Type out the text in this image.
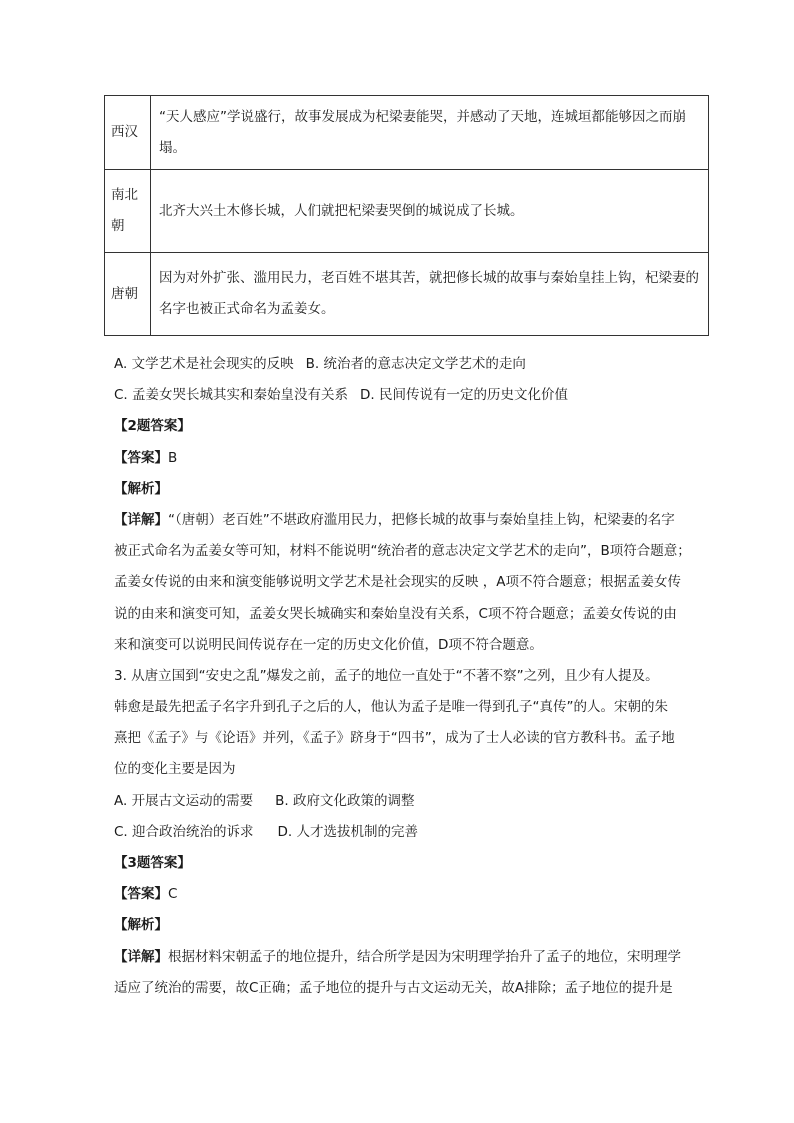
西汉	“天人感应”学说盛行，故事发展成为杞梁妻能哭，并感动了天地，连城垣都能够因之而崩塌。
南北朝	北齐大兴土木修长城，人们就把杞梁妻哭倒的城说成了长城。
唐朝	因为对外扩张、滥用民力，老百姓不堪其苦，就把修长城的故事与秦始皇挂上钩，杞梁妻的名字也被正式命名为孟姜女。
A. 文学艺术是社会现实的反映 B. 统治者的意志决定文学艺术的走向
C. 孟姜女哭长城其实和秦始皇没有关系 D. 民间传说有一定的历史文化价值
【2题答案】
【答案】B
【解析】
【详解】“（唐朝）老百姓”不堪政府滥用民力，把修长城的故事与秦始皇挂上钩，杞梁妻的名字
被正式命名为孟姜女等可知，材料不能说明“统治者的意志决定文学艺术的走向”，B项符合题意；
孟姜女传说的由来和演变能够说明文学艺术是社会现实的反映 ，A项不符合题意；根据孟姜女传
说的由来和演变可知，孟姜女哭长城确实和秦始皇没有关系，C项不符合题意；孟姜女传说的由
来和演变可以说明民间传说存在一定的历史文化价值，D项不符合题意。
3. 从唐立国到“安史之乱”爆发之前，孟子的地位一直处于“不著不察”之列，且少有人提及。
韩愈是最先把孟子名字升到孔子之后的人，他认为孟子是唯一得到孔子“真传”的人。宋朝的朱
熹把《孟子》与《论语》并列，《孟子》跻身于“四书”，成为了士人必读的官方教科书。孟子地
位的变化主要是因为
A. 开展古文运动的需要 B. 政府文化政策的调整
C. 迎合政治统治的诉求 D. 人才选拔机制的完善
【3题答案】
【答案】C
【解析】
【详解】根据材料宋朝孟子的地位提升，结合所学是因为宋明理学抬升了孟子的地位，宋明理学
适应了统治的需要，故C正确；孟子地位的提升与古文运动无关，故A排除；孟子地位的提升是
